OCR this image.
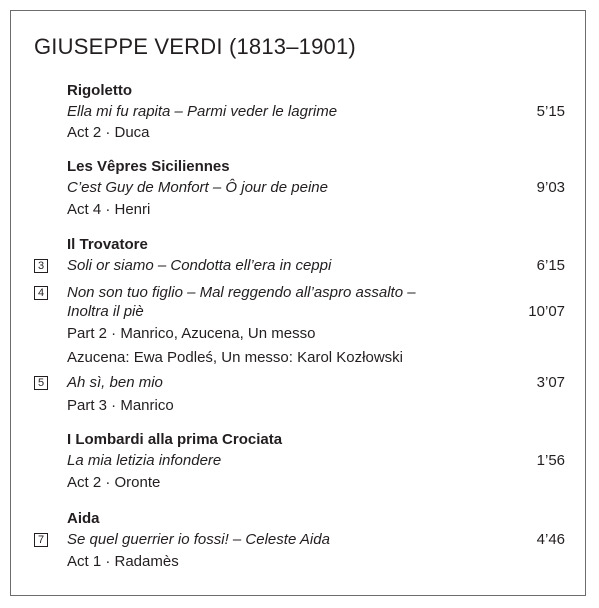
GIUSEPPE VERDI (1813–1901)
Rigoletto
Ella mi fu rapita – Parmi veder le lagrime	5’15
Act 2 · Duca
Les Vêpres Siciliennes
C’est Guy de Monfort – Ô jour de peine	9’03
Act 4 · Henri
Il Trovatore
3 Soli or siamo – Condotta ell’era in ceppi	6’15
4 Non son tuo figlio – Mal reggendo all’aspro assalto –
Inoltra il piè	10’07
Part 2 · Manrico, Azucena, Un messo
Azucena: Ewa Podleś, Un messo: Karol Kozłowski
5 Ah sì, ben mio	3’07
Part 3 · Manrico
I Lombardi alla prima Crociata
La mia letizia infondere	1’56
Act 2 · Oronte
Aida
7 Se quel guerrier io fossi! – Celeste Aida	4’46
Act 1 · Radamès
